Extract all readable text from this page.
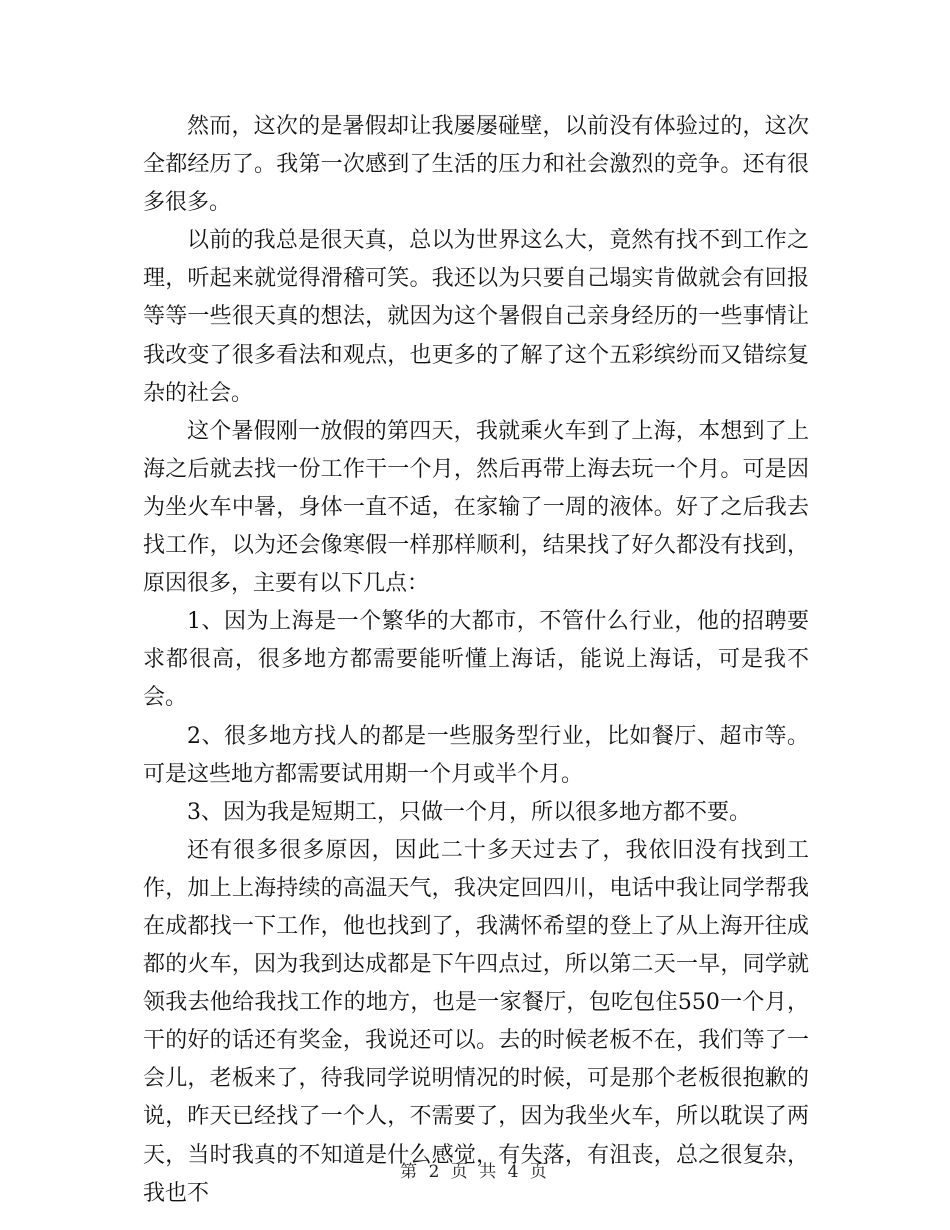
然而，这次的是暑假却让我屡屡碰壁，以前没有体验过的，这次全都经历了。我第一次感到了生活的压力和社会激烈的竞争。还有很多很多。

以前的我总是很天真，总以为世界这么大，竟然有找不到工作之理，听起来就觉得滑稽可笑。我还以为只要自己塌实肯做就会有回报等等一些很天真的想法，就因为这个暑假自己亲身经历的一些事情让我改变了很多看法和观点，也更多的了解了这个五彩缤纷而又错综复杂的社会。

这个暑假刚一放假的第四天，我就乘火车到了上海，本想到了上海之后就去找一份工作干一个月，然后再带上海去玩一个月。可是因为坐火车中暑，身体一直不适，在家输了一周的液体。好了之后我去找工作，以为还会像寒假一样那样顺利，结果找了好久都没有找到，原因很多，主要有以下几点：

1、因为上海是一个繁华的大都市，不管什么行业，他的招聘要求都很高，很多地方都需要能听懂上海话，能说上海话，可是我不会。

2、很多地方找人的都是一些服务型行业，比如餐厅、超市等。可是这些地方都需要试用期一个月或半个月。

3、因为我是短期工，只做一个月，所以很多地方都不要。

还有很多很多原因，因此二十多天过去了，我依旧没有找到工作，加上上海持续的高温天气，我决定回四川，电话中我让同学帮我在成都找一下工作，他也找到了，我满怀希望的登上了从上海开往成都的火车，因为我到达成都是下午四点过，所以第二天一早，同学就领我去他给我找工作的地方，也是一家餐厅，包吃包住550一个月，干的好的话还有奖金，我说还可以。去的时候老板不在，我们等了一会儿，老板来了，待我同学说明情况的时候，可是那个老板很抱歉的说，昨天已经找了一个人，不需要了，因为我坐火车，所以耽误了两天，当时我真的不知道是什么感觉，有失落，有沮丧，总之很复杂，我也不

第 2 页 共 4 页
